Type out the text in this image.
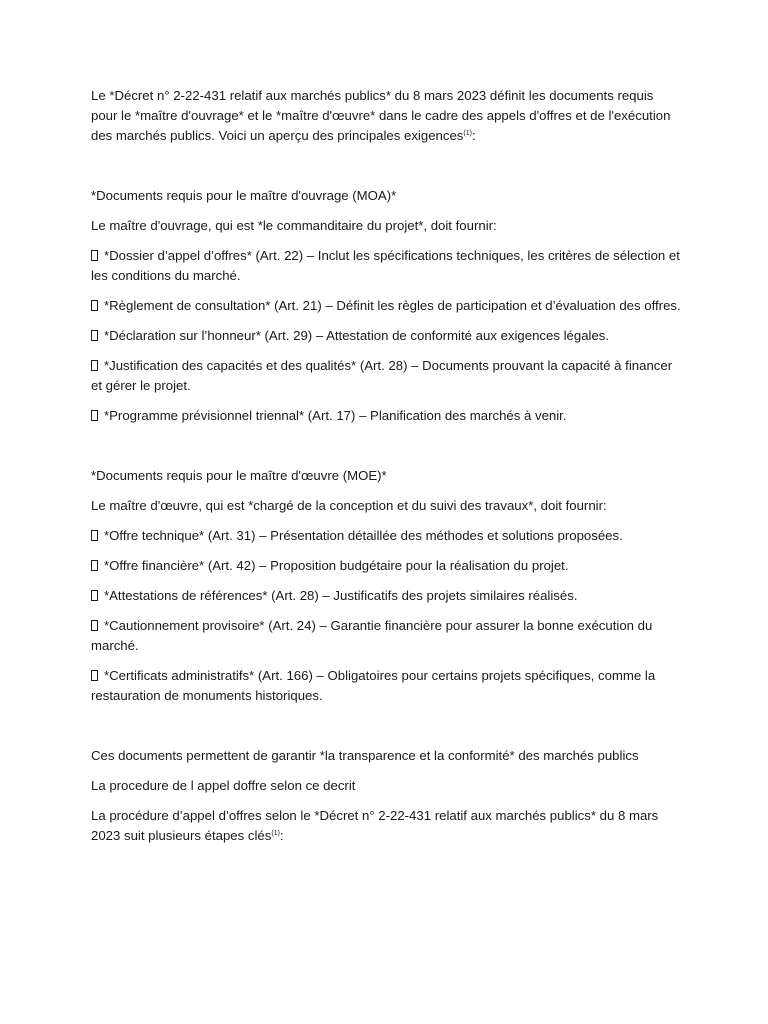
Le *Décret n° 2-22-431 relatif aux marchés publics* du 8 mars 2023 définit les documents requis pour le *maître d'ouvrage* et le *maître d'œuvre* dans le cadre des appels d'offres et de l'exécution des marchés publics. Voici un aperçu des principales exigences$^{(1)}$:

*Documents requis pour le maître d'ouvrage (MOA)*

Le maître d'ouvrage, qui est *le commanditaire du projet*, doit fournir:

*Dossier d’appel d’offres* (Art. 22) – Inclut les spécifications techniques, les critères de sélection et les conditions du marché.

*Règlement de consultation* (Art. 21) – Définit les règles de participation et d’évaluation des offres.

*Déclaration sur l’honneur* (Art. 29) – Attestation de conformité aux exigences légales.

*Justification des capacités et des qualités* (Art. 28) – Documents prouvant la capacité à financer et gérer le projet.

*Programme prévisionnel triennal* (Art. 17) – Planification des marchés à venir.

*Documents requis pour le maître d'œuvre (MOE)*

Le maître d'œuvre, qui est *chargé de la conception et du suivi des travaux*, doit fournir:

*Offre technique* (Art. 31) – Présentation détaillée des méthodes et solutions proposées.

*Offre financière* (Art. 42) – Proposition budgétaire pour la réalisation du projet.

*Attestations de références* (Art. 28) – Justificatifs des projets similaires réalisés.

*Cautionnement provisoire* (Art. 24) – Garantie financière pour assurer la bonne exécution du marché.

*Certificats administratifs* (Art. 166) – Obligatoires pour certains projets spécifiques, comme la restauration de monuments historiques.

Ces documents permettent de garantir *la transparence et la conformité* des marchés publics

La procedure de l appel doffre selon ce decrit

La procédure d’appel d’offres selon le *Décret n° 2-22-431 relatif aux marchés publics* du 8 mars 2023 suit plusieurs étapes clés$^{(1)}$:
